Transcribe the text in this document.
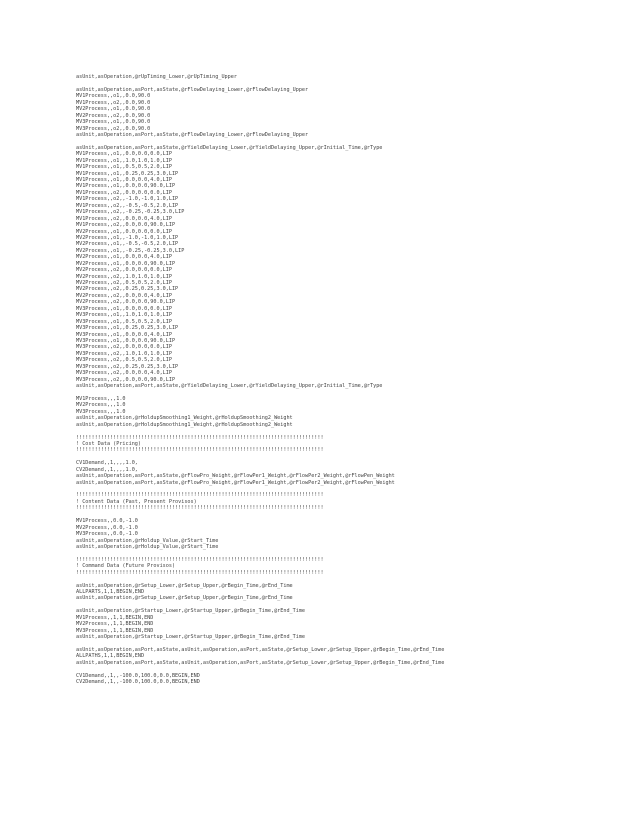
asUnit,asOperation,@rUpTiming_Lower,@rUpTiming_Upper
asUnit,asOperation,asPort,asState,@rFlowDelaying_Lower,@rFlowDelaying_Upper
MV1Process,,o1,,0.0,90.0
MV1Process,,o2,,0.0,90.0
MV2Process,,o1,,0.0,90.0
MV2Process,,o2,,0.0,90.0
MV3Process,,o1,,0.0,90.0
MV3Process,,o2,,0.0,90.0
asUnit,asOperation,asPort,asState,@rFlowDelaying_Lower,@rFlowDelaying_Upper
asUnit,asOperation,asPort,asState,@rYieldDelaying_Lower,@rYieldDelaying_Upper,@rInitial_Time,@rType
MV1Process,,o1,,0.0,0.0,0.0,LIP
MV1Process,,o1,,1.0,1.0,1.0,LIP
MV1Process,,o1,,0.5,0.5,2.0,LIP
MV1Process,,o1,,0.25,0.25,3.0,LIP
MV1Process,,o1,,0.0,0.0,4.0,LIP
MV1Process,,o1,,0.0,0.0,90.0,LIP
MV1Process,,o2,,0.0,0.0,0.0,LIP
MV1Process,,o2,,-1.0,-1.0,1.0,LIP
MV1Process,,o2,,-0.5,-0.5,2.0,LIP
MV1Process,,o2,,-0.25,-0.25,3.0,LIP
MV1Process,,o2,,0.0,0.0,4.0,LIP
MV1Process,,o2,,0.0,0.0,90.0,LIP
MV2Process,,o1,,0.0,0.0,0.0,LIP
MV2Process,,o1,,-1.0,-1.0,1.0,LIP
MV2Process,,o1,,-0.5,-0.5,2.0,LIP
MV2Process,,o1,,-0.25,-0.25,3.0,LIP
MV2Process,,o1,,0.0,0.0,4.0,LIP
MV2Process,,o1,,0.0,0.0,90.0,LIP
MV2Process,,o2,,0.0,0.0,0.0,LIP
MV2Process,,o2,,1.0,1.0,1.0,LIP
MV2Process,,o2,,0.5,0.5,2.0,LIP
MV2Process,,o2,,0.25,0.25,3.0,LIP
MV2Process,,o2,,0.0,0.0,4.0,LIP
MV2Process,,o2,,0.0,0.0,90.0,LIP
MV3Process,,o1,,0.0,0.0,0.0,LIP
MV3Process,,o1,,1.0,1.0,1.0,LIP
MV3Process,,o1,,0.5,0.5,2.0,LIP
MV3Process,,o1,,0.25,0.25,3.0,LIP
MV3Process,,o1,,0.0,0.0,4.0,LIP
MV3Process,,o1,,0.0,0.0,90.0,LIP
MV3Process,,o2,,0.0,0.0,0.0,LIP
MV3Process,,o2,,1.0,1.0,1.0,LIP
MV3Process,,o2,,0.5,0.5,2.0,LIP
MV3Process,,o2,,0.25,0.25,3.0,LIP
MV3Process,,o2,,0.0,0.0,4.0,LIP
MV3Process,,o2,,0.0,0.0,90.0,LIP
asUnit,asOperation,asPort,asState,@rYieldDelaying_Lower,@rYieldDelaying_Upper,@rInitial_Time,@rType
MV1Process,,,1.0
MV2Process,,,1.0
MV3Process,,,1.0
asUnit,asOperation,@rHoldupSmoothing1_Weight,@rHoldupSmoothing2_Weight
asUnit,asOperation,@rHoldupSmoothing1_Weight,@rHoldupSmoothing2_Weight
!!!!!!!!!!!!!!!!!!!!!!!!!!!!!!!!!!!!!!!!!!!!!!!!!!!!!!!!!!!!!!!!!!!!!!!!!!!!!!!!
! Cost Data (Pricing)
!!!!!!!!!!!!!!!!!!!!!!!!!!!!!!!!!!!!!!!!!!!!!!!!!!!!!!!!!!!!!!!!!!!!!!!!!!!!!!!!
CV1Demand,,1,,,,1.0,
CV2Demand,,1,,,,1.0,
asUnit,asOperation,asPort,asState,@rFlowPro_Weight,@rFlowPer1_Weight,@rFlowPer2_Weight,@rFlowPen_Weight
asUnit,asOperation,asPort,asState,@rFlowPro_Weight,@rFlowPer1_Weight,@rFlowPer2_Weight,@rFlowPen_Weight
!!!!!!!!!!!!!!!!!!!!!!!!!!!!!!!!!!!!!!!!!!!!!!!!!!!!!!!!!!!!!!!!!!!!!!!!!!!!!!!!
! Content Data (Past, Present Provisos)
!!!!!!!!!!!!!!!!!!!!!!!!!!!!!!!!!!!!!!!!!!!!!!!!!!!!!!!!!!!!!!!!!!!!!!!!!!!!!!!!
MV1Process,,0.0,-1.0
MV2Process,,0.0,-1.0
MV3Process,,0.0,-1.0
asUnit,asOperation,@rHoldup_Value,@rStart_Time
asUnit,asOperation,@rHoldup_Value,@rStart_Time
!!!!!!!!!!!!!!!!!!!!!!!!!!!!!!!!!!!!!!!!!!!!!!!!!!!!!!!!!!!!!!!!!!!!!!!!!!!!!!!!
! Command Data (Future Provisos)
!!!!!!!!!!!!!!!!!!!!!!!!!!!!!!!!!!!!!!!!!!!!!!!!!!!!!!!!!!!!!!!!!!!!!!!!!!!!!!!!
asUnit,asOperation,@rSetup_Lower,@rSetup_Upper,@rBegin_Time,@rEnd_Time
ALLPARTS,1,1,BEGIN,END
asUnit,asOperation,@rSetup_Lower,@rSetup_Upper,@rBegin_Time,@rEnd_Time
asUnit,asOperation,@rStartup_Lower,@rStartup_Upper,@rBegin_Time,@rEnd_Time
MV1Process,,1,1,BEGIN,END
MV2Process,,1,1,BEGIN,END
MV3Process,,1,1,BEGIN,END
asUnit,asOperation,@rStartup_Lower,@rStartup_Upper,@rBegin_Time,@rEnd_Time
asUnit,asOperation,asPort,asState,asUnit,asOperation,asPort,asState,@rSetup_Lower,@rSetup_Upper,@rBegin_Time,@rEnd_Time
ALLPATHS,1,1,BEGIN,END
asUnit,asOperation,asPort,asState,asUnit,asOperation,asPort,asState,@rSetup_Lower,@rSetup_Upper,@rBegin_Time,@rEnd_Time
CV1Demand,,1,,-100.0,100.0,0.0,BEGIN,END
CV2Demand,,1,,-100.0,100.0,0.0,BEGIN,END
